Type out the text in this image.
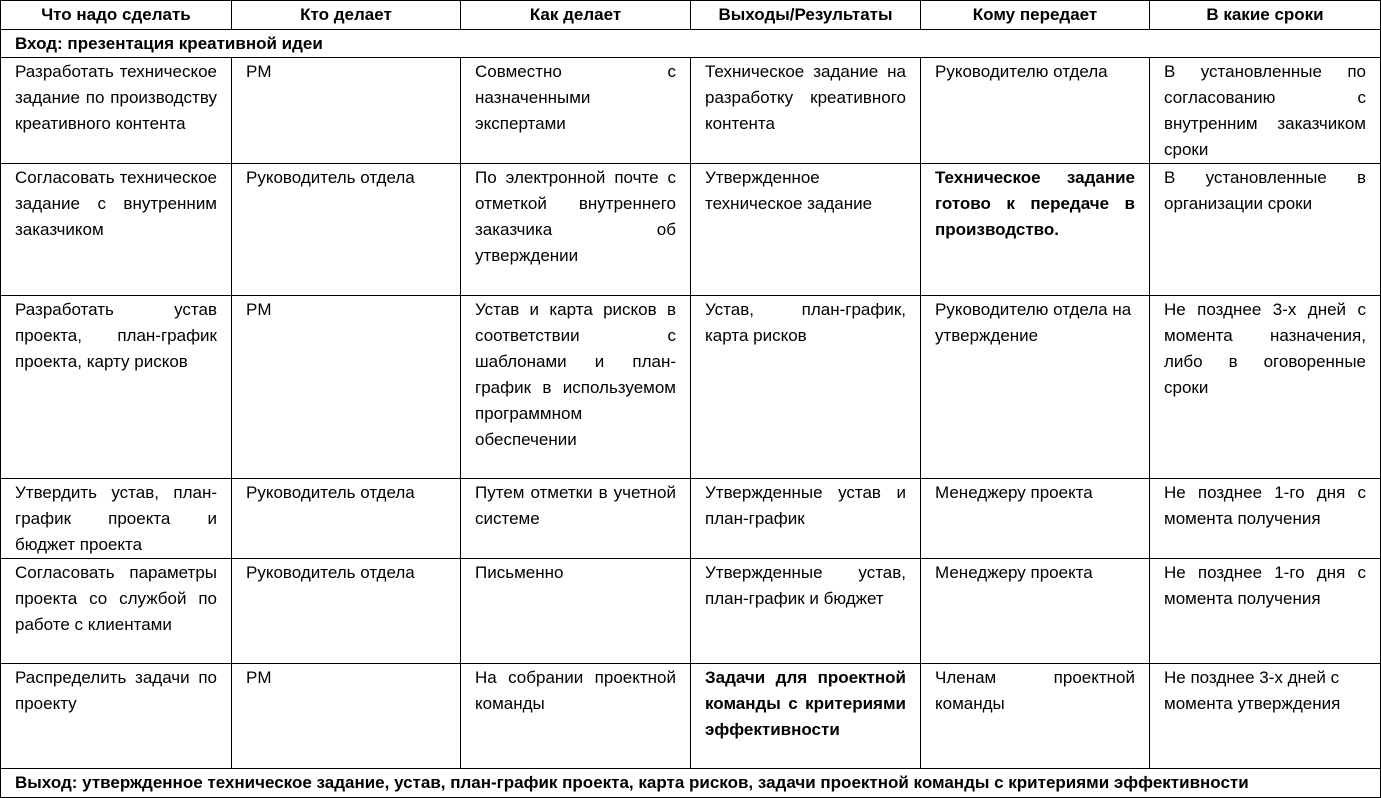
Что надо сделать	Кто делает	Как делает	Выходы/Результаты	Кому передает	В какие сроки
Вход: презентация креативной идеи					
Разработать техническое задание по производству креативного контента	PM	Совместно с назначенными экспертами	Техническое задание на разработку креативного контента	Руководителю отдела	В установленные по согласованию с внутренним заказчиком сроки
Согласовать техническое задание с внутренним заказчиком	Руководитель отдела	По электронной почте с отметкой внутреннего заказчика об утверждении	Утвержденное техническое задание	Техническое задание готово к передаче в производство.	В установленные в организации сроки
Разработать устав проекта, план-график проекта, карту рисков	PM	Устав и карта рисков в соответствии с шаблонами и план-график в используемом программном обеспечении	Устав, план-график, карта рисков	Руководителю отдела на утверждение	Не позднее 3-х дней с момента назначения, либо в оговоренные сроки
Утвердить устав, план-график проекта и бюджет проекта	Руководитель отдела	Путем отметки в учетной системе	Утвержденные устав и план-график	Менеджеру проекта	Не позднее 1-го дня с момента получения
Согласовать параметры проекта со службой по работе с клиентами	Руководитель отдела	Письменно	Утвержденные устав, план-график и бюджет	Менеджеру проекта	Не позднее 1-го дня с момента получения
Распределить задачи по проекту	PM	На собрании проектной команды	Задачи для проектной команды с критериями эффективности	Членам проектной команды	Не позднее 3-х дней с момента утверждения
Выход: утвержденное техническое задание, устав, план-график проекта, карта рисков, задачи проектной команды с критериями эффективности					
